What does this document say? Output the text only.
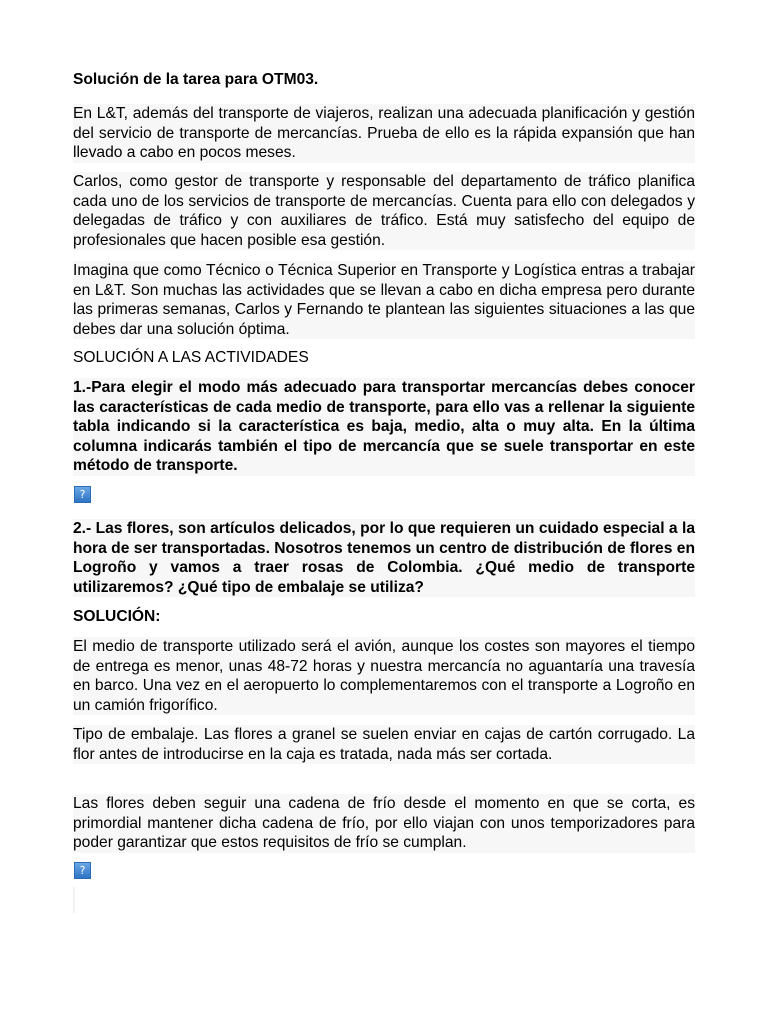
Solución de la tarea para OTM03.

En L&T, además del transporte de viajeros, realizan una adecuada planificación y gestión del servicio de transporte de mercancías. Prueba de ello es la rápida expansión que han llevado a cabo en pocos meses.

Carlos, como gestor de transporte y responsable del departamento de tráfico planifica cada uno de los servicios de transporte de mercancías. Cuenta para ello con delegados y delegadas de tráfico y con auxiliares de tráfico. Está muy satisfecho del equipo de profesionales que hacen posible esa gestión.

Imagina que como Técnico o Técnica Superior en Transporte y Logística entras a trabajar en L&T. Son muchas las actividades que se llevan a cabo en dicha empresa pero durante las primeras semanas, Carlos y Fernando te plantean las siguientes situaciones a las que debes dar una solución óptima.

SOLUCIÓN A LAS ACTIVIDADES

1.-Para elegir el modo más adecuado para transportar mercancías debes conocer las características de cada medio de transporte, para ello vas a rellenar la siguiente tabla indicando si la característica es baja, medio, alta o muy alta. En la última columna indicarás también el tipo de mercancía que se suele transportar en este método de transporte.

?

2.- Las flores, son artículos delicados, por lo que requieren un cuidado especial a la hora de ser transportadas. Nosotros tenemos un centro de distribución de flores en Logroño y vamos a traer rosas de Colombia. ¿Qué medio de transporte utilizaremos? ¿Qué tipo de embalaje se utiliza?

SOLUCIÓN:

El medio de transporte utilizado será el avión, aunque los costes son mayores el tiempo de entrega es menor, unas 48-72 horas y nuestra mercancía no aguantaría una travesía en barco. Una vez en el aeropuerto lo complementaremos con el transporte a Logroño en un camión frigorífico.

Tipo de embalaje. Las flores a granel se suelen enviar en cajas de cartón corrugado. La flor antes de introducirse en la caja es tratada, nada más ser cortada.

Las flores deben seguir una cadena de frío desde el momento en que se corta, es primordial mantener dicha cadena de frío, por ello viajan con unos temporizadores para poder garantizar que estos requisitos de frío se cumplan.

?
